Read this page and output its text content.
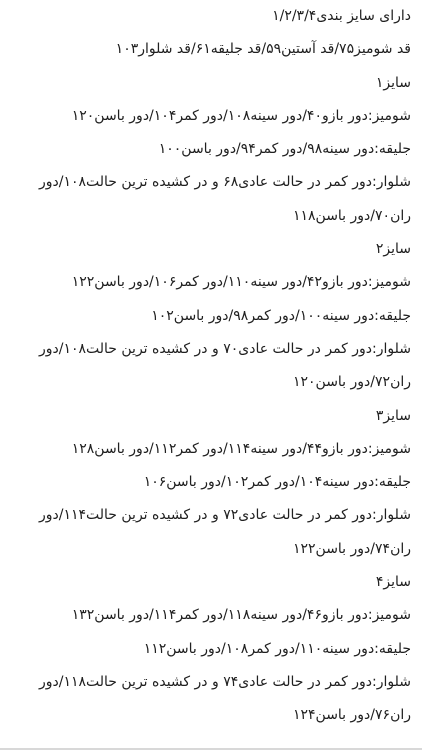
دارای سایز بندی۱/۲/۳/۴
قد شومیز۷۵/قد آستین۵۹/قد جلیقه۶۱/قد شلوار۱۰۳
سایز۱
شومیز:دور بازو۴۰/دور سینه۱۰۸/دور کمر۱۰۴/دور باسن۱۲۰
جلیقه:دور سینه۹۸/دور کمر۹۴/دور باسن۱۰۰
شلوار:دور کمر در حالت عادی۶۸ و در کشیده ترین حالت۱۰۸/دور
ران۷۰/دور باسن۱۱۸
سایز۲
شومیز:دور بازو۴۲/دور سینه۱۱۰/دور کمر۱۰۶/دور باسن۱۲۲
جلیقه:دور سینه۱۰۰/دور کمر۹۸/دور باسن۱۰۲
شلوار:دور کمر در حالت عادی۷۰ و در کشیده ترین حالت۱۰۸/دور
ران۷۲/دور باسن۱۲۰
سایز۳
شومیز:دور بازو۴۴/دور سینه۱۱۴/دور کمر۱۱۲/دور باسن۱۲۸
جلیقه:دور سینه۱۰۴/دور کمر۱۰۲/دور باسن۱۰۶
شلوار:دور کمر در حالت عادی۷۲ و در کشیده ترین حالت۱۱۴/دور
ران۷۴/دور باسن۱۲۲
سایز۴
شومیز:دور بازو۴۶/دور سینه۱۱۸/دور کمر۱۱۴/دور باسن۱۳۲
جلیقه:دور سینه۱۱۰/دور کمر۱۰۸/دور باسن۱۱۲
شلوار:دور کمر در حالت عادی۷۴ و در کشیده ترین حالت۱۱۸/دور
ران۷۶/دور باسن۱۲۴
